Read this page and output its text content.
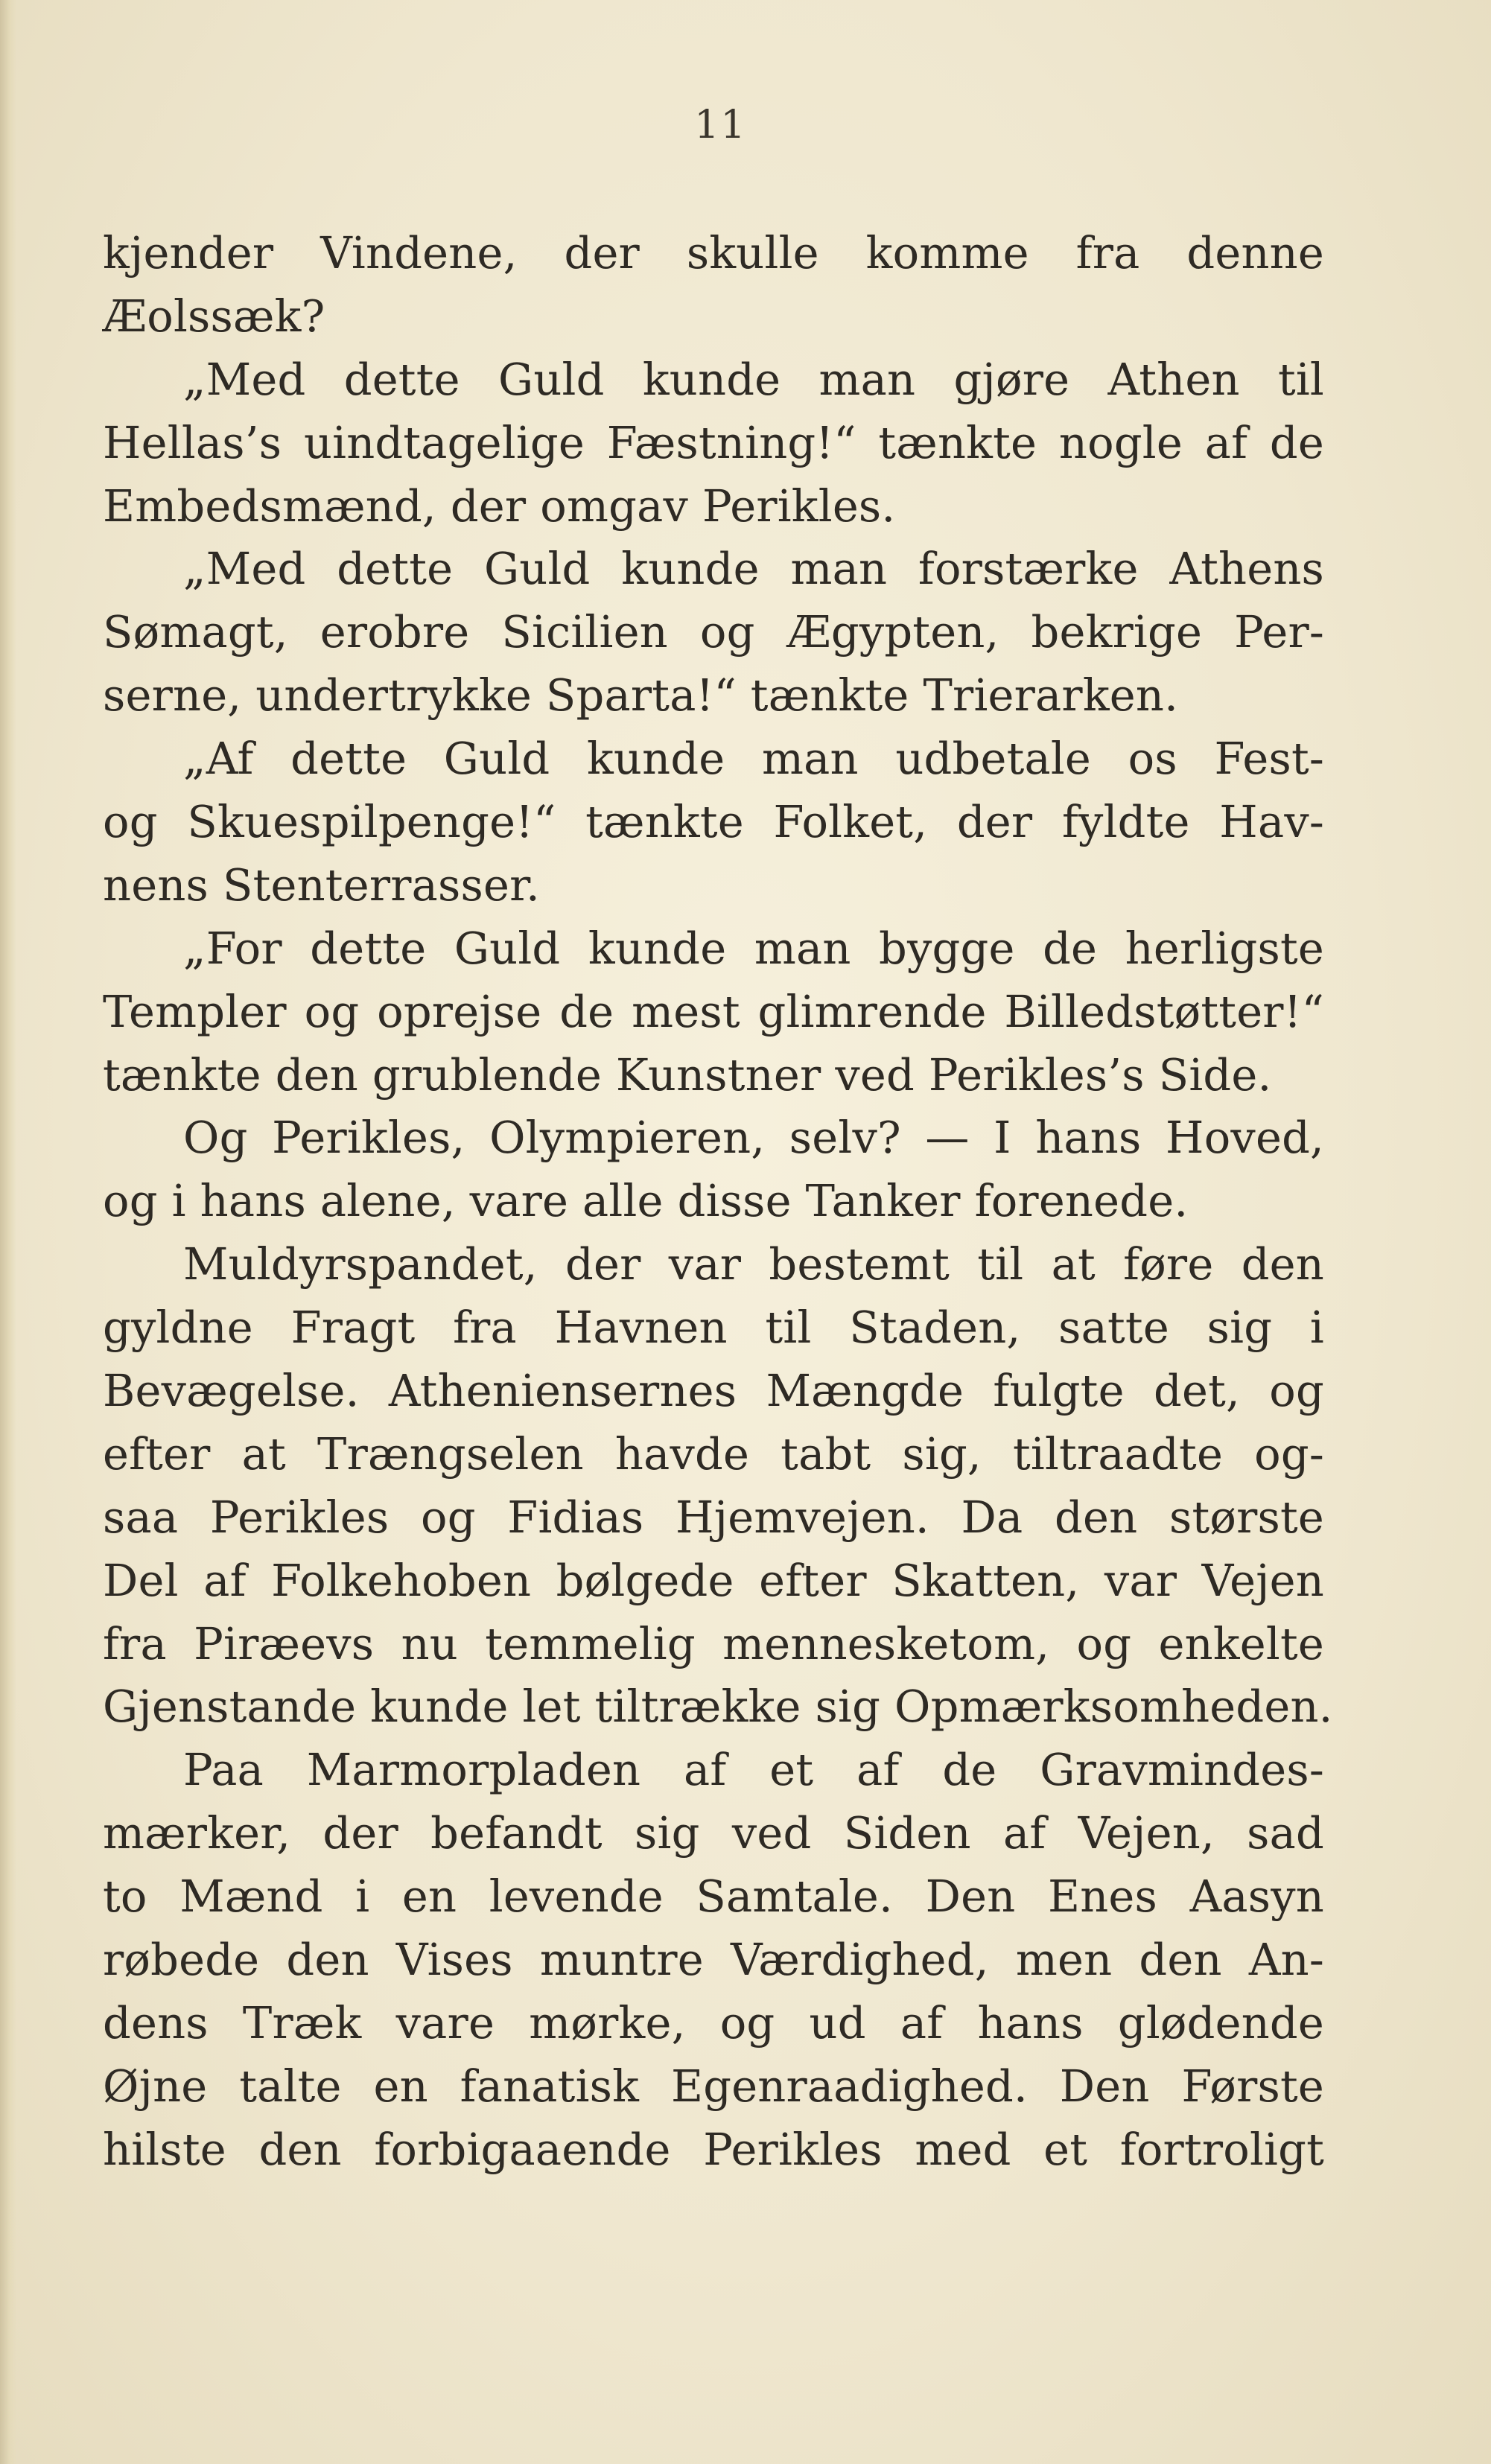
11
kjender Vindene, der skulle komme fra denne
Æolssæk?
„Med dette Guld kunde man gjøre Athen til
Hellas’s uindtagelige Fæstning!“ tænkte nogle af de
Embedsmænd, der omgav Perikles.
„Med dette Guld kunde man forstærke Athens
Sømagt, erobre Sicilien og Ægypten, bekrige Per-
serne, undertrykke Sparta!“ tænkte Trierarken.
„Af dette Guld kunde man udbetale os Fest-
og Skuespilpenge!“ tænkte Folket, der fyldte Hav-
nens Stenterrasser.
„For dette Guld kunde man bygge de herligste
Templer og oprejse de mest glimrende Billedstøtter!“
tænkte den grublende Kunstner ved Perikles’s Side.
Og Perikles, Olympieren, selv? — I hans Hoved,
og i hans alene, vare alle disse Tanker forenede.
Muldyrspandet, der var bestemt til at føre den
gyldne Fragt fra Havnen til Staden, satte sig i
Bevægelse. Atheniensernes Mængde fulgte det, og
efter at Trængselen havde tabt sig, tiltraadte og-
saa Perikles og Fidias Hjemvejen. Da den største
Del af Folkehoben bølgede efter Skatten, var Vejen
fra Piræevs nu temmelig mennesketom, og enkelte
Gjenstande kunde let tiltrække sig Opmærksomheden.
Paa Marmorpladen af et af de Gravmindes-
mærker, der befandt sig ved Siden af Vejen, sad
to Mænd i en levende Samtale. Den Enes Aasyn
røbede den Vises muntre Værdighed, men den An-
dens Træk vare mørke, og ud af hans glødende
Øjne talte en fanatisk Egenraadighed. Den Første
hilste den forbigaaende Perikles med et fortroligt
